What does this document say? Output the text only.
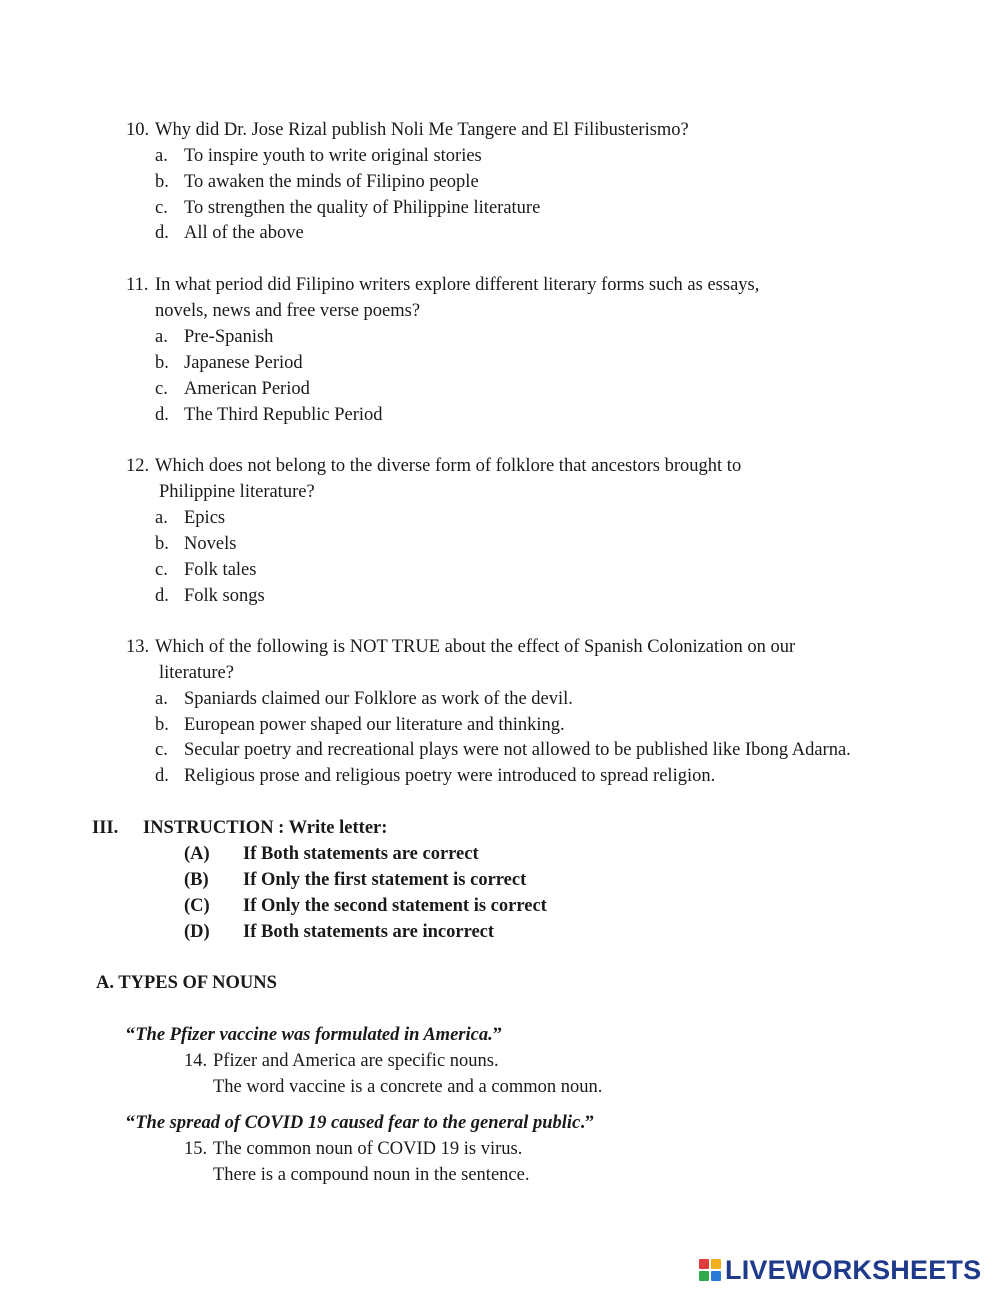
10. Why did Dr. Jose Rizal publish Noli Me Tangere and El Filibusterismo?
a. To inspire youth to write original stories
b. To awaken the minds of Filipino people
c. To strengthen the quality of Philippine literature
d. All of the above
11. In what period did Filipino writers explore different literary forms such as essays,
novels, news and free verse poems?
a. Pre-Spanish
b. Japanese Period
c. American Period
d. The Third Republic Period
12. Which does not belong to the diverse form of folklore that ancestors brought to
Philippine literature?
a. Epics
b. Novels
c. Folk tales
d. Folk songs
13. Which of the following is NOT TRUE about the effect of Spanish Colonization on our
literature?
a. Spaniards claimed our Folklore as work of the devil.
b. European power shaped our literature and thinking.
c. Secular poetry and recreational plays were not allowed to be published like Ibong Adarna.
d. Religious prose and religious poetry were introduced to spread religion.
III. INSTRUCTION : Write letter:
(A) If Both statements are correct
(B) If Only the first statement is correct
(C) If Only the second statement is correct
(D) If Both statements are incorrect
A. TYPES OF NOUNS
“The Pfizer vaccine was formulated in America.”
14. Pfizer and America are specific nouns.
The word vaccine is a concrete and a common noun.
“The spread of COVID 19 caused fear to the general public.”
15. The common noun of COVID 19 is virus.
There is a compound noun in the sentence.
LIVEWORKSHEETS
